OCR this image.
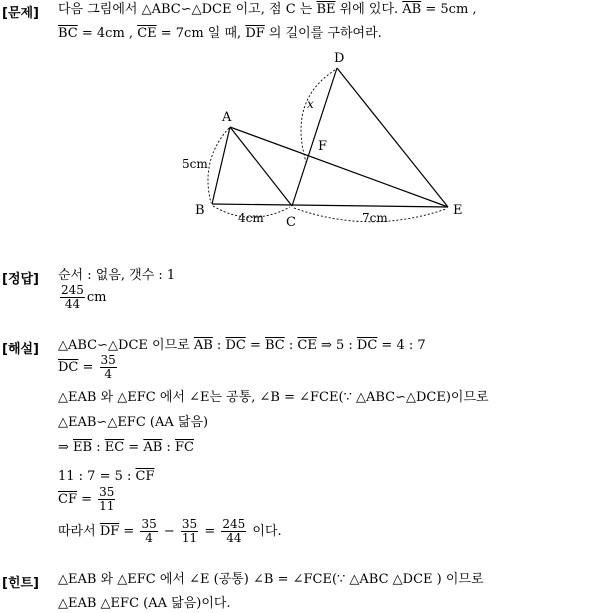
[문제] 다음 그림에서 △ABC∽△DCE 이고, 점 C 는 $\overline{BE}$ 위에 있다. $\overline{AB} = 5cm$ ,
$\overline{BC} = 4cm$ , $\overline{CE} = 7cm$ 일 때, $\overline{DF}$ 의 길이를 구하여라.
D
A
F
B
C
E
5cm
4cm	7cm
x
[정답] 순서 : 없음, 갯수 : 1
$\frac{245}{44}$ cm
[해설] △ABC∽△DCE 이므로 $\overline{AB}$ : $\overline{DC} = \overline{BC}$ : $\overline{CE}$ ⇒ 5 : $\overline{DC} = 4$ : 7
$\overline{DC} = \frac{35}{4}$
△EAB 와 △EFC 에서 ∠E는 공통, ∠B = ∠FCE(∵ △ABC∽△DCE)이므로
△EAB∽△EFC (AA 닮음)
⇒ $\overline{EB}$ : $\overline{EC} = \overline{AB}$ : $\overline{FC}$
11 : 7 = 5 : $\overline{CF}$
$\overline{CF} = \frac{35}{11}$
따라서 $\overline{DF} = \frac{35}{4} - \frac{35}{11} = \frac{245}{44}$ 이다.
[힌트] △EAB 와 △EFC 에서 ∠E (공통) ∠B = ∠FCE(∵ △ABC △DCE ) 이므로
△EAB △EFC (AA 닮음)이다.
